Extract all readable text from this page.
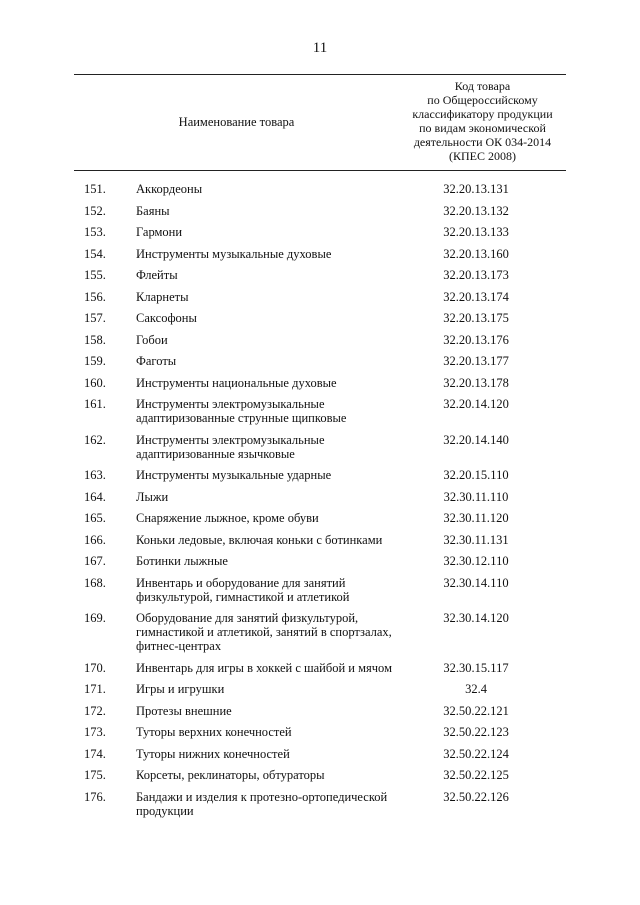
11
Наименование товара
Код товара
по Общероссийскому
классификатору продукции
по видам экономической
деятельности ОК 034-2014
(КПЕС 2008)
151.	Аккордеоны	32.20.13.131
152.	Баяны	32.20.13.132
153.	Гармони	32.20.13.133
154.	Инструменты музыкальные духовые	32.20.13.160
155.	Флейты	32.20.13.173
156.	Кларнеты	32.20.13.174
157.	Саксофоны	32.20.13.175
158.	Гобои	32.20.13.176
159.	Фаготы	32.20.13.177
160.	Инструменты национальные духовые	32.20.13.178
161.	Инструменты электромузыкальные
адаптиризованные струнные щипковые
32.20.14.120
162.	Инструменты электромузыкальные
адаптиризованные язычковые
32.20.14.140
163.	Инструменты музыкальные ударные	32.20.15.110
164.	Лыжи	32.30.11.110
165.	Снаряжение лыжное, кроме обуви	32.30.11.120
166.	Коньки ледовые, включая коньки с ботинками	32.30.11.131
167.	Ботинки лыжные	32.30.12.110
168.	Инвентарь и оборудование для занятий
физкультурой, гимнастикой и атлетикой
32.30.14.110
169.	Оборудование для занятий физкультурой,
гимнастикой и атлетикой, занятий в спортзалах,
фитнес-центрах
32.30.14.120
170.	Инвентарь для игры в хоккей с шайбой и мячом	32.30.15.117
171.	Игры и игрушки	32.4
172.	Протезы внешние	32.50.22.121
173.	Туторы верхних конечностей	32.50.22.123
174.	Туторы нижних конечностей	32.50.22.124
175.	Корсеты, реклинаторы, обтураторы	32.50.22.125
176.	Бандажи и изделия к протезно-ортопедической
продукции
32.50.22.126
